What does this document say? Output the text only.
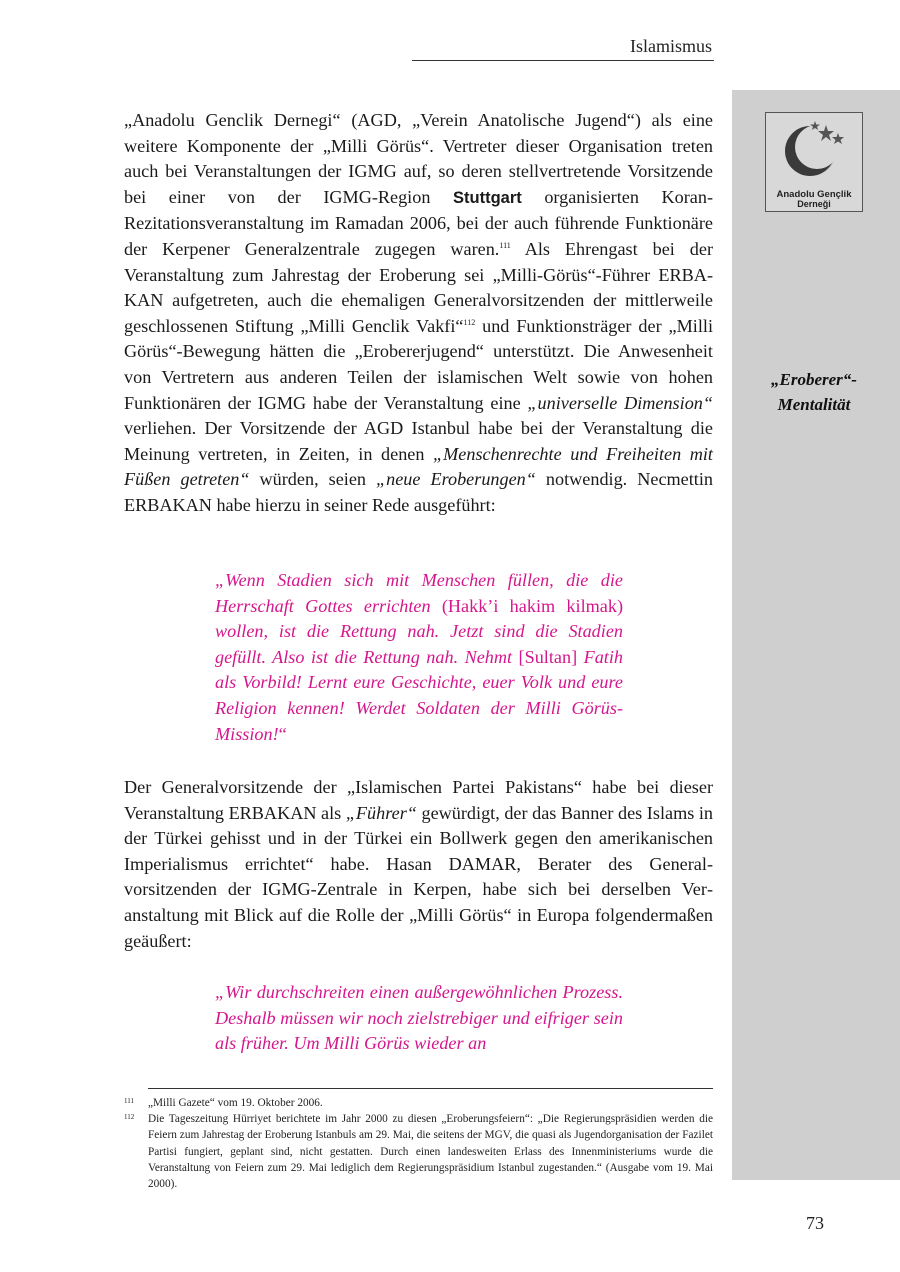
Islamismus
Anadolu Gençlik
Derneği
„Eroberer“-
Mentalität

„Anadolu Genclik Dernegi“ (AGD, „Verein Anatolische Jugend“) als eine weitere Komponente der „Milli Görüs“. Vertreter dieser Organisation treten auch bei Veranstaltungen der IGMG auf, so deren stellvertretende Vorsitzende bei einer von der IGMG-Region Stuttgart organisierten Koran-Rezitationsveranstaltung im Ramadan 2006, bei der auch führende Funktionäre der Kerpener Generalzentrale zugegen waren.$^{111}$ Als Ehrengast bei der Veranstaltung zum Jahrestag der Eroberung sei „Milli-Görüs“-Führer ERBAKAN aufgetreten, auch die ehemaligen Generalvorsitzenden der mittlerweile geschlossenen Stiftung „Milli Genclik Vakfi“$^{112}$ und Funktionsträger der „Milli Görüs“-Bewegung hätten die „Erobererjugend“ unterstützt. Die Anwesenheit von Vertretern aus anderen Teilen der islamischen Welt sowie von hohen Funktionären der IGMG habe der Veranstaltung eine „universelle Dimension“ verliehen. Der Vorsitzende der AGD Istanbul habe bei der Veranstaltung die Meinung vertreten, in Zeiten, in denen „Menschenrechte und Freiheiten mit Füßen getreten“ würden, seien „neue Eroberungen“ notwendig. Necmettin ERBAKAN habe hierzu in seiner Rede ausgeführt:

„Wenn Stadien sich mit Menschen füllen, die die Herrschaft Gottes errichten (Hakk’i hakim kilmak) wollen, ist die Rettung nah. Jetzt sind die Stadien gefüllt. Also ist die Rettung nah. Nehmt [Sultan] Fatih als Vorbild! Lernt eure Geschichte, euer Volk und eure Religion kennen! Werdet Soldaten der Milli Görüs-Mission!“

Der Generalvorsitzende der „Islamischen Partei Pakistans“ habe bei dieser Veranstaltung ERBAKAN als „Führer“ gewürdigt, der das Banner des Islams in der Türkei gehisst und in der Türkei ein Bollwerk gegen den amerikanischen Imperialismus errichtet“ habe. Hasan DAMAR, Berater des Generalvorsitzenden der IGMG-Zentrale in Kerpen, habe sich bei derselben Veranstaltung mit Blick auf die Rolle der „Milli Görüs“ in Europa folgendermaßen geäußert:

„Wir durchschreiten einen außergewöhnlichen Prozess. Deshalb müssen wir noch zielstrebiger und eifriger sein als früher. Um Milli Görüs wieder an
111 „Milli Gazete“ vom 19. Oktober 2006.
112 Die Tageszeitung Hürriyet berichtete im Jahr 2000 zu diesen „Eroberungsfeiern“: „Die Regierungspräsidien werden die Feiern zum Jahrestag der Eroberung Istanbuls am 29. Mai, die seitens der MGV, die quasi als Jugendorganisation der Fazilet Partisi fungiert, geplant sind, nicht gestatten. Durch einen landesweiten Erlass des Innenministeriums wurde die Veranstaltung von Feiern zum 29. Mai lediglich dem Regierungspräsidium Istanbul zugestanden.“ (Ausgabe vom 19. Mai 2000).
73
